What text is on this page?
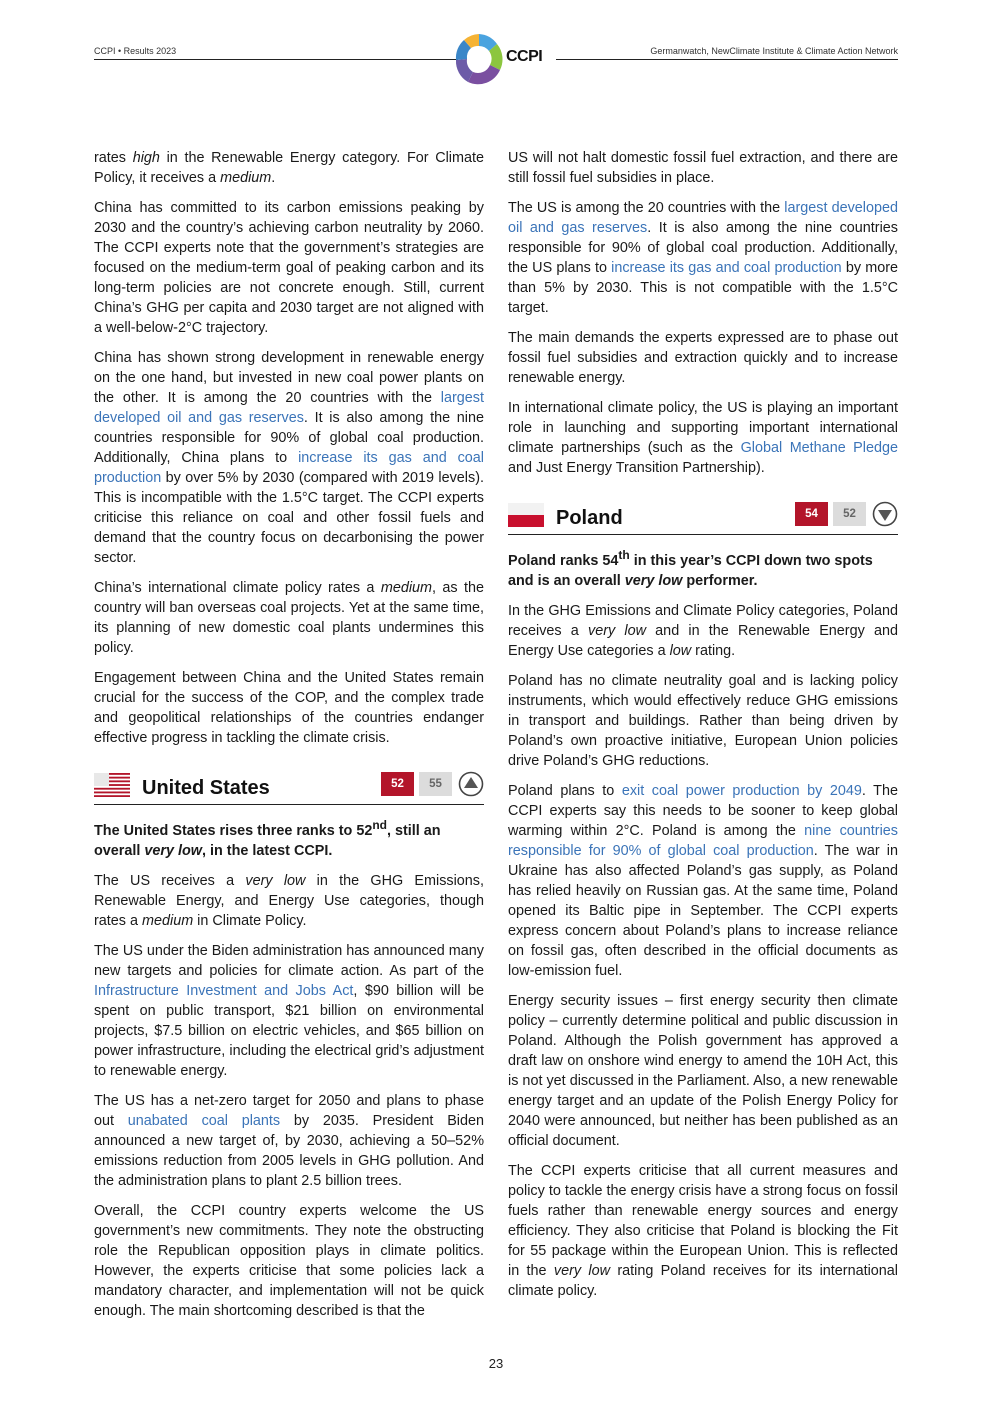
CCPI • Results 2023	CCPI	Germanwatch, NewClimate Institute & Climate Action Network

rates high in the Renewable Energy category. For Climate Policy, it receives a medium.

China has committed to its carbon emissions peaking by 2030 and the country’s achieving carbon neutrality by 2060. The CCPI experts note that the government’s strategies are focused on the medium-term goal of peaking carbon and its long-term policies are not concrete enough. Still, current China’s GHG per capita and 2030 target are not aligned with a well-below-2°C trajectory.

China has shown strong development in renewable energy on the one hand, but invested in new coal power plants on the other. It is among the 20 countries with the largest developed oil and gas reserves. It is also among the nine countries responsible for 90% of global coal production. Additionally, China plans to increase its gas and coal production by over 5% by 2030 (compared with 2019 levels). This is incompatible with the 1.5°C target. The CCPI experts criticise this reliance on coal and other fossil fuels and demand that the country focus on decarbonising the power sector.

China’s international climate policy rates a medium, as the country will ban overseas coal projects. Yet at the same time, its planning of new domestic coal plants undermines this policy.

Engagement between China and the United States remain crucial for the success of the COP, and the complex trade and geopolitical relationships of the countries endanger effective progress in tackling the climate crisis.

United States	52	55

The United States rises three ranks to 52nd, still an overall very low, in the latest CCPI.

The US receives a very low in the GHG Emissions, Renewable Energy, and Energy Use categories, though rates a medium in Climate Policy.

The US under the Biden administration has announced many new targets and policies for climate action. As part of the Infrastructure Investment and Jobs Act, $90 billion will be spent on public transport, $21 billion on environmental projects, $7.5 billion on electric vehicles, and $65 billion on power infrastructure, including the electrical grid’s adjustment to renewable energy.

The US has a net-zero target for 2050 and plans to phase out unabated coal plants by 2035. President Biden announced a new target of, by 2030, achieving a 50–52% emissions reduction from 2005 levels in GHG pollution. And the administration plans to plant 2.5 billion trees.

Overall, the CCPI country experts welcome the US government’s new commitments. They note the obstructing role the Republican opposition plays in climate politics. However, the experts criticise that some policies lack a mandatory character, and implementation will not be quick enough. The main shortcoming described is that the

US will not halt domestic fossil fuel extraction, and there are still fossil fuel subsidies in place.

The US is among the 20 countries with the largest developed oil and gas reserves. It is also among the nine countries responsible for 90% of global coal production. Additionally, the US plans to increase its gas and coal production by more than 5% by 2030. This is not compatible with the 1.5°C target.

The main demands the experts expressed are to phase out fossil fuel subsidies and extraction quickly and to increase renewable energy.

In international climate policy, the US is playing an important role in launching and supporting important international climate partnerships (such as the Global Methane Pledge and Just Energy Transition Partnership).

Poland	54	52

Poland ranks 54th in this year’s CCPI down two spots and is an overall very low performer.

In the GHG Emissions and Climate Policy categories, Poland receives a very low and in the Renewable Energy and Energy Use categories a low rating.

Poland has no climate neutrality goal and is lacking policy instruments, which would effectively reduce GHG emissions in transport and buildings. Rather than being driven by Poland’s own proactive initiative, European Union policies drive Poland’s GHG reductions.

Poland plans to exit coal power production by 2049. The CCPI experts say this needs to be sooner to keep global warming within 2°C. Poland is among the nine countries responsible for 90% of global coal production. The war in Ukraine has also affected Poland’s gas supply, as Poland has relied heavily on Russian gas. At the same time, Poland opened its Baltic pipe in September. The CCPI experts express concern about Poland’s plans to increase reliance on fossil gas, often described in the official documents as low-emission fuel.

Energy security issues – first energy security then climate policy – currently determine political and public discussion in Poland. Although the Polish government has approved a draft law on onshore wind energy to amend the 10H Act, this is not yet discussed in the Parliament. Also, a new renewable energy target and an update of the Polish Energy Policy for 2040 were announced, but neither has been published as an official document.

The CCPI experts criticise that all current measures and policy to tackle the energy crisis have a strong focus on fossil fuels rather than renewable energy sources and energy efficiency. They also criticise that Poland is blocking the Fit for 55 package within the European Union. This is reflected in the very low rating Poland receives for its international climate policy.

23
